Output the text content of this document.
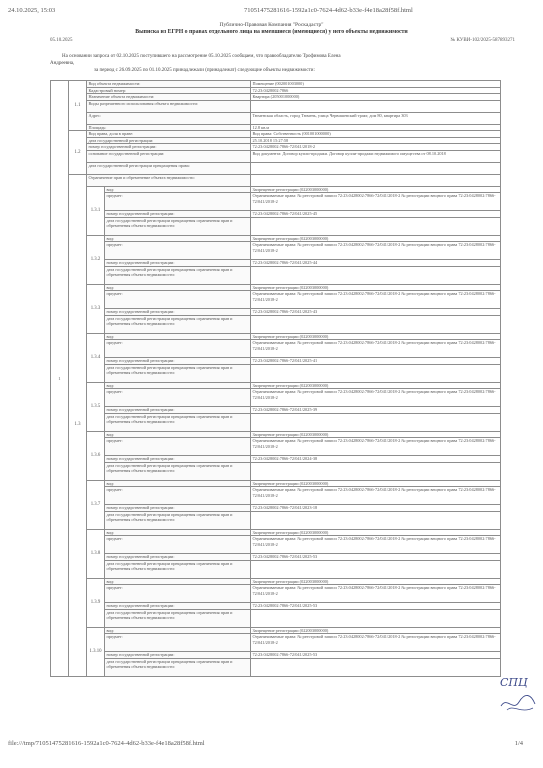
24.10.2025, 15:03	71051475281616-1592a1c0-7624-4d62-b33e-f4e18a28f58f.html
Публично-Правовая Компания "Роскадастр"
Выписка из ЕГРН о правах отдельного лица на имевшиеся (имеющиеся) у него объекты недвижимости
05.10.2025	№ КУВИ-102/2025-587893271
На основании запроса от 02.10.2025 поступившего на рассмотрение 05.10.2025 сообщаем, что правообладателю Трофимова Елена
Андреевна,
за период с 26.09.2025 по 01.10.2025 принадлежали (принадлежат) следующие объекты недвижимости:
1	1.1	Вид объекта недвижимости:		Помещение (002001003000)
		Кадастровый номер:		72:23:0428002:7866
		Назначение объекта недвижимости:		Квартира (205001000000)
		Виды разрешенного использования объекта недвижимости:		
		Адрес:		Тюменская область, город Тюмень, улица Червишевский тракт, дом 80, квартира 303
		Площадь:		12.8 кв.м
	1.2	Вид права, доля в праве:		Вид права: Собственность (001001000000)
		дата государственной регистрации:		25.10.2018 15:27:58
		номер государственной регистрации:		72:23:0428002:7866-72/041/2018-2
		основание государственной регистрации:		Вид документа: Договор купли-продажи. Договор купли-продажи недвижимого имущества от 08.10.2018
		дата государственной регистрации прекращения права:		
	1.3	Ограничение прав и обременение объекта недвижимости:		
		1.3.1	вид:	Запрещение регистрации (022003000000)
			предмет:	Ограничиваемые права: № реестровой записи 72:23:0428002:7866-72/041/2018-2 № регистрации вещного права 72:23:0428002:7866-72/041/2018-2
			номер государственной регистрации:	72:23:0428002:7866-72/041/2025-45
			дата государственной регистрации прекращения ограничения прав и обременения объекта недвижимости:	
		1.3.2	вид:	Запрещение регистрации (022003000000)
			предмет:	Ограничиваемые права: № реестровой записи 72:23:0428002:7866-72/041/2018-2 № регистрации вещного права 72:23:0428002:7866-72/041/2018-2
			номер государственной регистрации:	72:23:0428002:7866-72/041/2025-44
			дата государственной регистрации прекращения ограничения прав и обременения объекта недвижимости:	
		1.3.3	вид:	Запрещение регистрации (022003000000)
			предмет:	Ограничиваемые права: № реестровой записи 72:23:0428002:7866-72/041/2018-2 № регистрации вещного права 72:23:0428002:7866-72/041/2018-2
			номер государственной регистрации:	72:23:0428002:7866-72/041/2025-43
			дата государственной регистрации прекращения ограничения прав и обременения объекта недвижимости:	
		1.3.4	вид:	Запрещение регистрации (022003000000)
			предмет:	Ограничиваемые права: № реестровой записи 72:23:0428002:7866-72/041/2018-2 № регистрации вещного права 72:23:0428002:7866-72/041/2018-2
			номер государственной регистрации:	72:23:0428002:7866-72/041/2025-41
			дата государственной регистрации прекращения ограничения прав и обременения объекта недвижимости:	
		1.3.5	вид:	Запрещение регистрации (022003000000)
			предмет:	Ограничиваемые права: № реестровой записи 72:23:0428002:7866-72/041/2018-2 № регистрации вещного права 72:23:0428002:7866-72/041/2018-2
			номер государственной регистрации:	72:23:0428002:7866-72/041/2025-39
			дата государственной регистрации прекращения ограничения прав и обременения объекта недвижимости:	
		1.3.6	вид:	Запрещение регистрации (022003000000)
			предмет:	Ограничиваемые права: № реестровой записи 72:23:0428002:7866-72/041/2018-2 № регистрации вещного права 72:23:0428002:7866-72/041/2018-2
			номер государственной регистрации:	72:23:0428002:7866-72/041/2024-38
			дата государственной регистрации прекращения ограничения прав и обременения объекта недвижимости:	
		1.3.7	вид:	Запрещение регистрации (022003000000)
			предмет:	Ограничиваемые права: № реестровой записи 72:23:0428002:7866-72/041/2018-2 № регистрации вещного права 72:23:0428002:7866-72/041/2018-2
			номер государственной регистрации:	72:23:0428002:7866-72/041/2023-18
			дата государственной регистрации прекращения ограничения прав и обременения объекта недвижимости:	
		1.3.8	вид:	Запрещение регистрации (022003000000)
			предмет:	Ограничиваемые права: № реестровой записи 72:23:0428002:7866-72/041/2018-2 № регистрации вещного права 72:23:0428002:7866-72/041/2018-2
			номер государственной регистрации:	72:23:0428002:7866-72/041/2025-53
			дата государственной регистрации прекращения ограничения прав и обременения объекта недвижимости:	
		1.3.9	вид:	Запрещение регистрации (022003000000)
			предмет:	Ограничиваемые права: № реестровой записи 72:23:0428002:7866-72/041/2018-2 № регистрации вещного права 72:23:0428002:7866-72/041/2018-2
			номер государственной регистрации:	72:23:0428002:7866-72/041/2025-53
			дата государственной регистрации прекращения ограничения прав и обременения объекта недвижимости:	
		1.3.10	вид:	Запрещение регистрации (022003000000)
			предмет:	Ограничиваемые права: № реестровой записи 72:23:0428002:7866-72/041/2018-2 № регистрации вещного права 72:23:0428002:7866-72/041/2018-2
			номер государственной регистрации:	72:23:0428002:7866-72/041/2025-53
			дата государственной регистрации прекращения ограничения прав и обременения объекта недвижимости:	
СПЦ
file:///tmp/71051475281616-1592a1c0-7624-4d62-b33e-f4e18a28f58f.html	1/4
